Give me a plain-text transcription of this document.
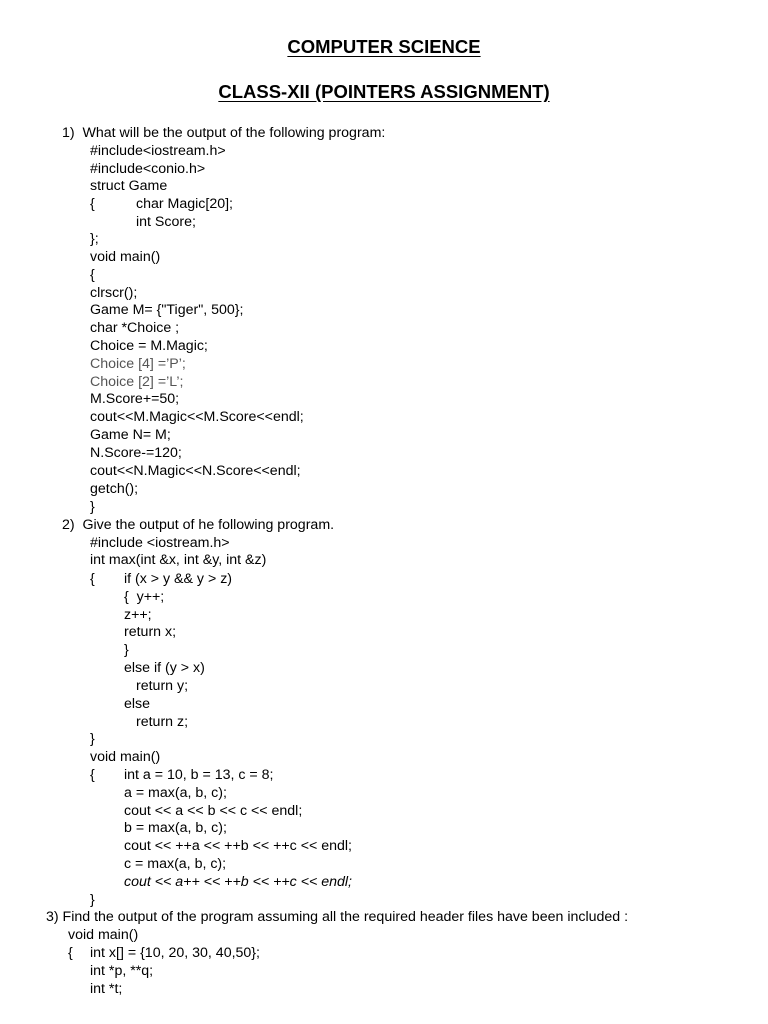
COMPUTER SCIENCE
CLASS-XII (POINTERS ASSIGNMENT)
1)  What will be the output of the following program:
#include<iostream.h>
#include<conio.h>
struct Game
{	char Magic[20];
int Score;
};
void main()
{
clrscr();
Game M= {"Tiger", 500};
char *Choice ;
Choice = M.Magic;
Choice [4] =’P’;
Choice [2] =’L’;
M.Score+=50;
cout<<M.Magic<<M.Score<<endl;
Game N= M;
N.Score-=120;
cout<<N.Magic<<N.Score<<endl;
getch();
}
2)  Give the output of he following program.
#include <iostream.h>
int max(int &x, int &y, int &z)
{ if (x > y && y > z)
{  y++;
z++;
return x;
}
else if (y > x)
return y;
else
return z;
}
void main()
{ int a = 10, b = 13, c = 8;
a = max(a, b, c);
cout << a << b << c << endl;
b = max(a, b, c);
cout << ++a << ++b << ++c << endl;
c = max(a, b, c);
cout << a++ << ++b << ++c << endl;
}
3) Find the output of the program assuming all the required header files have been included :
void main()
{ int x[] = {10, 20, 30, 40,50};
int *p, **q;
int *t;
